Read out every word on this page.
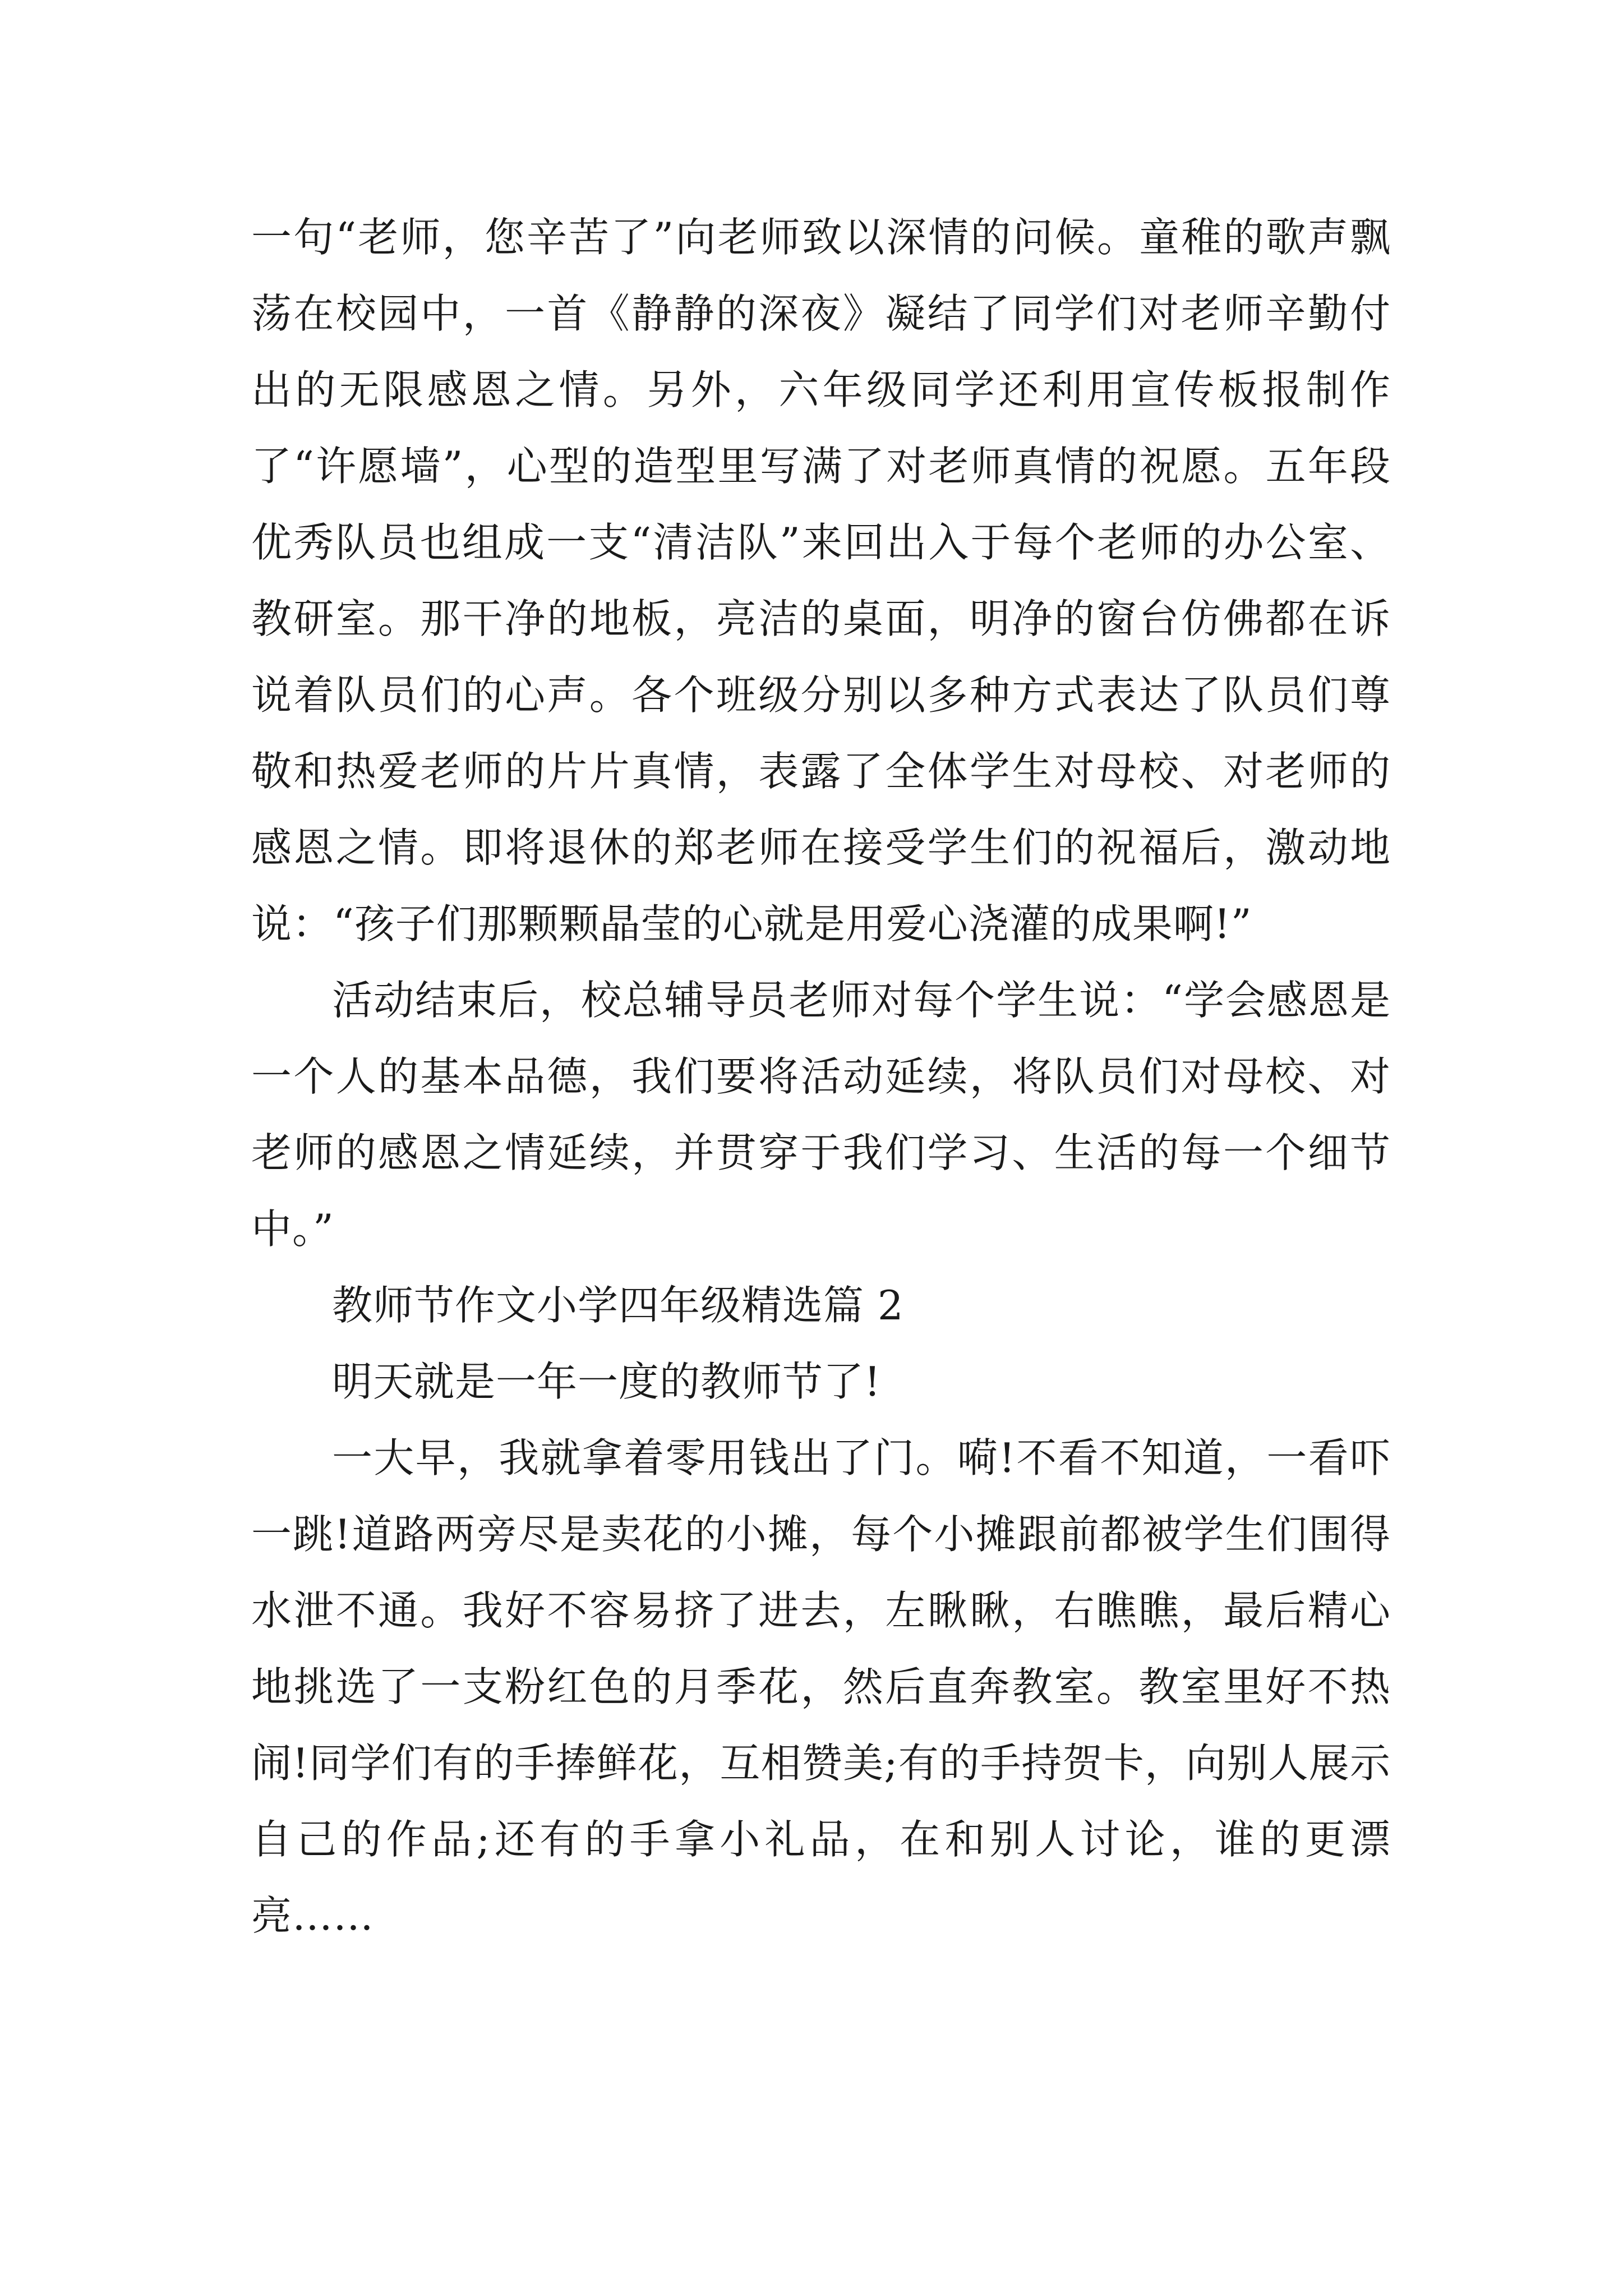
一句“老师，您辛苦了”向老师致以深情的问候。童稚的歌声飘荡在校园中，一首《静静的深夜》凝结了同学们对老师辛勤付出的无限感恩之情。另外，六年级同学还利用宣传板报制作了“许愿墙”，心型的造型里写满了对老师真情的祝愿。五年段优秀队员也组成一支“清洁队”来回出入于每个老师的办公室、教研室。那干净的地板，亮洁的桌面，明净的窗台仿佛都在诉说着队员们的心声。各个班级分别以多种方式表达了队员们尊敬和热爱老师的片片真情，表露了全体学生对母校、对老师的感恩之情。即将退休的郑老师在接受学生们的祝福后，激动地说：“孩子们那颗颗晶莹的心就是用爱心浇灌的成果啊!”

活动结束后，校总辅导员老师对每个学生说：“学会感恩是一个人的基本品德，我们要将活动延续，将队员们对母校、对老师的感恩之情延续，并贯穿于我们学习、生活的每一个细节中。”

教师节作文小学四年级精选篇 2

明天就是一年一度的教师节了!

一大早，我就拿着零用钱出了门。嗬!不看不知道，一看吓一跳!道路两旁尽是卖花的小摊，每个小摊跟前都被学生们围得水泄不通。我好不容易挤了进去，左瞅瞅，右瞧瞧，最后精心地挑选了一支粉红色的月季花，然后直奔教室。教室里好不热闹!同学们有的手捧鲜花，互相赞美;有的手持贺卡，向别人展示自己的作品;还有的手拿小礼品，在和别人讨论，谁的更漂亮……
